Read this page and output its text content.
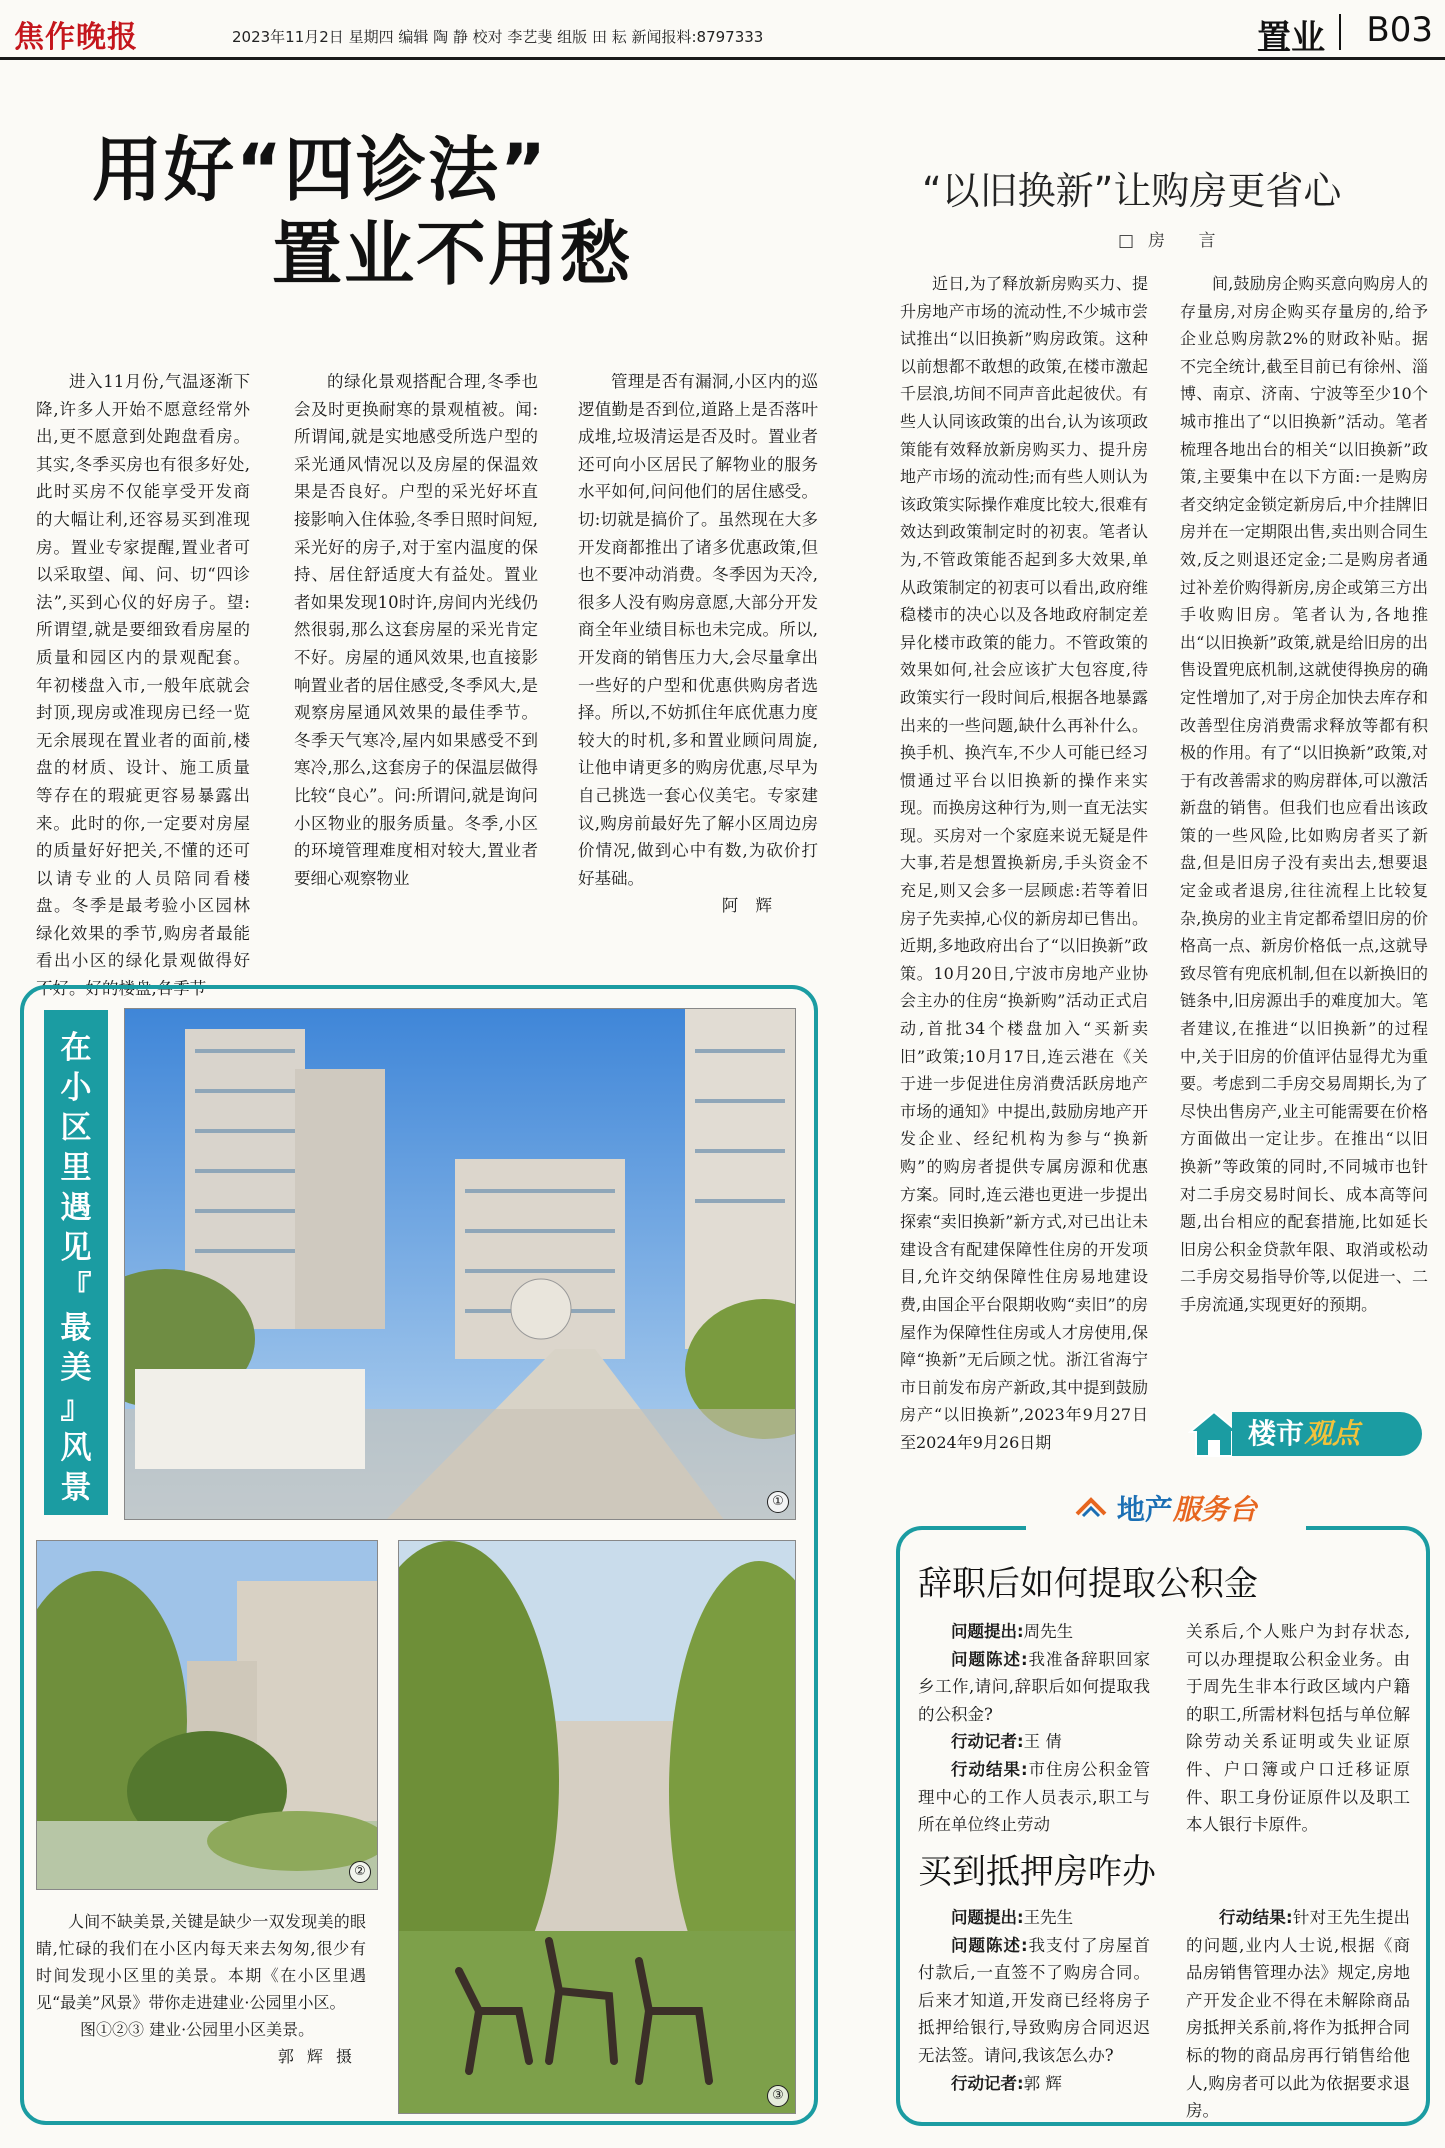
焦作晚报	2023年11月2日 星期四 编辑 陶 静 校对 李艺斐 组版 田 耘 新闻报料:8797333	置业 B03
用好“四诊法”
置业不用愁

进入11月份,气温逐渐下降,许多人开始不愿意经常外出,更不愿意到处跑盘看房。其实,冬季买房也有很多好处,此时买房不仅能享受开发商的大幅让利,还容易买到准现房。置业专家提醒,置业者可以采取望、闻、问、切“四诊法”,买到心仪的好房子。望:所谓望,就是要细致看房屋的质量和园区内的景观配套。年初楼盘入市,一般年底就会封顶,现房或准现房已经一览无余展现在置业者的面前,楼盘的材质、设计、施工质量等存在的瑕疵更容易暴露出来。此时的你,一定要对房屋的质量好好把关,不懂的还可以请专业的人员陪同看楼盘。冬季是最考验小区园林绿化效果的季节,购房者最能看出小区的绿化景观做得好不好。好的楼盘,各季节

的绿化景观搭配合理,冬季也会及时更换耐寒的景观植被。闻:所谓闻,就是实地感受所选户型的采光通风情况以及房屋的保温效果是否良好。户型的采光好坏直接影响入住体验,冬季日照时间短,采光好的房子,对于室内温度的保持、居住舒适度大有益处。置业者如果发现10时许,房间内光线仍然很弱,那么这套房屋的采光肯定不好。房屋的通风效果,也直接影响置业者的居住感受,冬季风大,是观察房屋通风效果的最佳季节。冬季天气寒冷,屋内如果感受不到寒冷,那么,这套房子的保温层做得比较“良心”。问:所谓问,就是询问小区物业的服务质量。冬季,小区的环境管理难度相对较大,置业者要细心观察物业

管理是否有漏洞,小区内的巡逻值勤是否到位,道路上是否落叶成堆,垃圾清运是否及时。置业者还可向小区居民了解物业的服务水平如何,问问他们的居住感受。切:切就是搞价了。虽然现在大多开发商都推出了诸多优惠政策,但也不要冲动消费。冬季因为天冷,很多人没有购房意愿,大部分开发商全年业绩目标也未完成。所以,开发商的销售压力大,会尽量拿出一些好的户型和优惠供购房者选择。所以,不妨抓住年底优惠力度较大的时机,多和置业顾问周旋,让他申请更多的购房优惠,尽早为自己挑选一套心仪美宅。专家建议,购房前最好先了解小区周边房价情况,做到心中有数,为砍价打好基础。

阿 辉

在
小
区
里
遇
见
『
最
美
』
风
景	①
②
③

人间不缺美景,关键是缺少一双发现美的眼睛,忙碌的我们在小区内每天来去匆匆,很少有时间发现小区里的美景。本期《在小区里遇见“最美”风景》带你走进建业·公园里小区。

图①②③ 建业·公园里小区美景。

郭 辉 摄

“以旧换新”让购房更省心
□房 言

近日,为了释放新房购买力、提升房地产市场的流动性,不少城市尝试推出“以旧换新”购房政策。这种以前想都不敢想的政策,在楼市激起千层浪,坊间不同声音此起彼伏。有些人认同该政策的出台,认为该项政策能有效释放新房购买力、提升房地产市场的流动性;而有些人则认为该政策实际操作难度比较大,很难有效达到政策制定时的初衷。笔者认为,不管政策能否起到多大效果,单从政策制定的初衷可以看出,政府维稳楼市的决心以及各地政府制定差异化楼市政策的能力。不管政策的效果如何,社会应该扩大包容度,待政策实行一段时间后,根据各地暴露出来的一些问题,缺什么再补什么。换手机、换汽车,不少人可能已经习惯通过平台以旧换新的操作来实现。而换房这种行为,则一直无法实现。买房对一个家庭来说无疑是件大事,若是想置换新房,手头资金不充足,则又会多一层顾虑:若等着旧房子先卖掉,心仪的新房却已售出。近期,多地政府出台了“以旧换新”政策。10月20日,宁波市房地产业协会主办的住房“换新购”活动正式启动,首批34个楼盘加入“买新卖旧”政策;10月17日,连云港在《关于进一步促进住房消费活跃房地产市场的通知》中提出,鼓励房地产开发企业、经纪机构为参与“换新购”的购房者提供专属房源和优惠方案。同时,连云港也更进一步提出探索“卖旧换新”新方式,对已出让未建设含有配建保障性住房的开发项目,允许交纳保障性住房易地建设费,由国企平台限期收购“卖旧”的房屋作为保障性住房或人才房使用,保障“换新”无后顾之忧。浙江省海宁市日前发布房产新政,其中提到鼓励房产“以旧换新”,2023年9月27日至2024年9月26日期

间,鼓励房企购买意向购房人的存量房,对房企购买存量房的,给予企业总购房款2%的财政补贴。据不完全统计,截至目前已有徐州、淄博、南京、济南、宁波等至少10个城市推出了“以旧换新”活动。笔者梳理各地出台的相关“以旧换新”政策,主要集中在以下方面:一是购房者交纳定金锁定新房后,中介挂牌旧房并在一定期限出售,卖出则合同生效,反之则退还定金;二是购房者通过补差价购得新房,房企或第三方出手收购旧房。笔者认为,各地推出“以旧换新”政策,就是给旧房的出售设置兜底机制,这就使得换房的确定性增加了,对于房企加快去库存和改善型住房消费需求释放等都有积极的作用。有了“以旧换新”政策,对于有改善需求的购房群体,可以激活新盘的销售。但我们也应看出该政策的一些风险,比如购房者买了新盘,但是旧房子没有卖出去,想要退定金或者退房,往往流程上比较复杂,换房的业主肯定都希望旧房的价格高一点、新房价格低一点,这就导致尽管有兜底机制,但在以新换旧的链条中,旧房源出手的难度加大。笔者建议,在推进“以旧换新”的过程中,关于旧房的价值评估显得尤为重要。考虑到二手房交易周期长,为了尽快出售房产,业主可能需要在价格方面做出一定让步。在推出“以旧换新”等政策的同时,不同城市也针对二手房交易时间长、成本高等问题,出台相应的配套措施,比如延长旧房公积金贷款年限、取消或松动二手房交易指导价等,以促进一、二手房流通,实现更好的预期。

楼市观点
地产服务台
辞职后如何提取公积金

问题提出:周先生

问题陈述:我准备辞职回家乡工作,请问,辞职后如何提取我的公积金?

行动记者:王 倩

行动结果:市住房公积金管理中心的工作人员表示,职工与所在单位终止劳动

关系后,个人账户为封存状态,可以办理提取公积金业务。由于周先生非本行政区域内户籍的职工,所需材料包括与单位解除劳动关系证明或失业证原件、户口簿或户口迁移证原件、职工身份证原件以及职工本人银行卡原件。
买到抵押房咋办

问题提出:王先生

问题陈述:我支付了房屋首付款后,一直签不了购房合同。后来才知道,开发商已经将房子抵押给银行,导致购房合同迟迟无法签。请问,我该怎么办?

行动记者:郭 辉

行动结果:针对王先生提出的问题,业内人士说,根据《商品房销售管理办法》规定,房地产开发企业不得在未解除商品房抵押关系前,将作为抵押合同标的物的商品房再行销售给他人,购房者可以此为依据要求退房。
